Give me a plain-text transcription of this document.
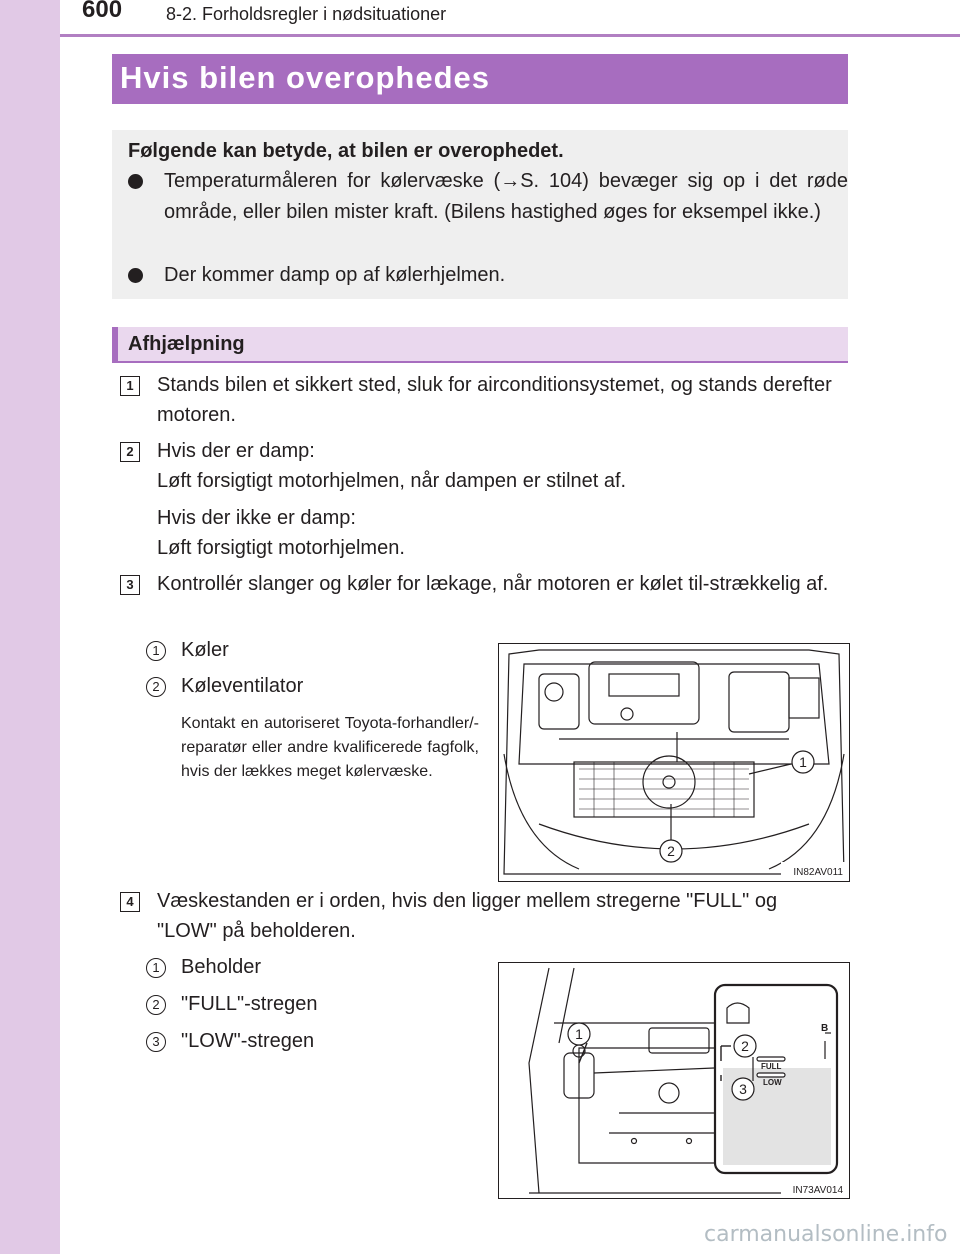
600 8-2. Forholdsregler i nødsituationer
Hvis bilen overophedes
Følgende kan betyde, at bilen er overophedet.
Temperaturmåleren for kølervæske (→S. 104) bevæger sig op i det røde område, eller bilen mister kraft. (Bilens hastighed øges for eksempel ikke.)
Der kommer damp op af kølerhjelmen.
Afhjælpning
1	Stands bilen et sikkert sted, sluk for airconditionsystemet, og stands derefter motoren.
2	Hvis der er damp:
Løft forsigtigt motorhjelmen, når dampen er stilnet af.
Hvis der ikke er damp:
Løft forsigtigt motorhjelmen.
3	Kontrollér slanger og køler for lækage, når motoren er kølet til-strækkelig af.
1	Køler
2	Køleventilator
Kontakt en autoriseret Toyota-forhandler/-reparatør eller andre kvalificerede fagfolk, hvis der lækkes meget kølervæske.
1
2
IN82AV011
4	Væskestanden er i orden, hvis den ligger mellem stregerne "FULL" og "LOW" på beholderen.
1	Beholder
2	"FULL"-stregen
3	"LOW"-stregen
B
FULL
LOW
1
2
3
IN73AV014
carmanualsonline.info
